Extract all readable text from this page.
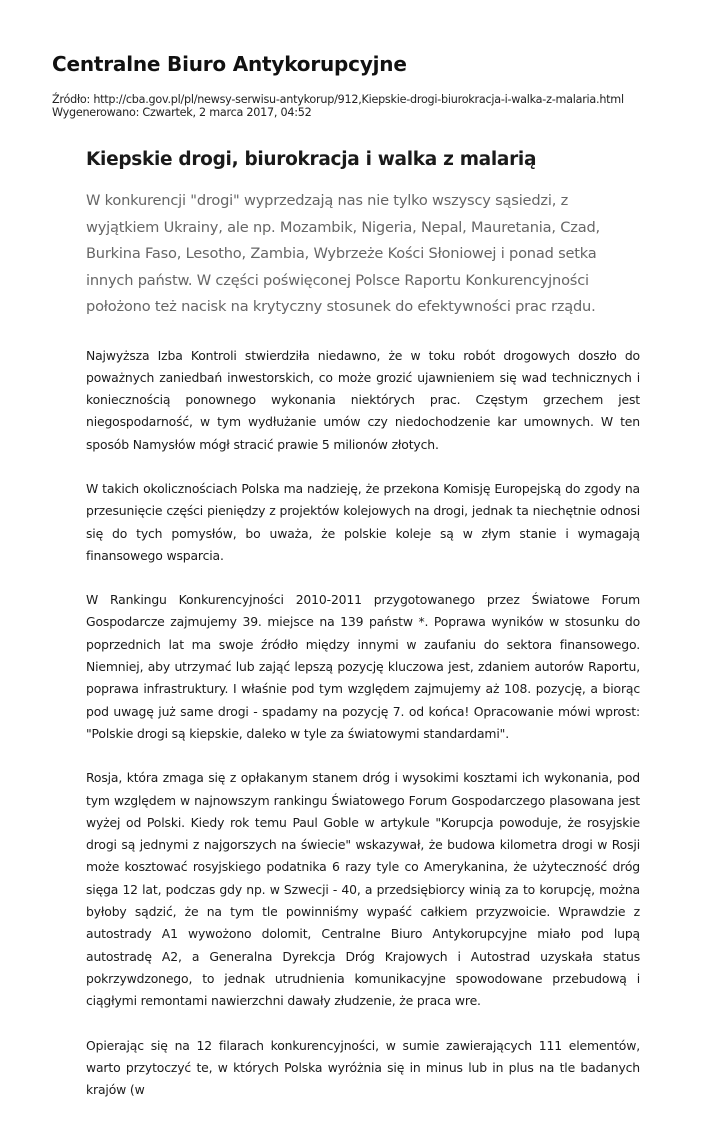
Centralne Biuro Antykorupcyjne
Źródło: http://cba.gov.pl/pl/newsy-serwisu-antykorup/912,Kiepskie-drogi-biurokracja-i-walka-z-malaria.html
Wygenerowano: Czwartek, 2 marca 2017, 04:52
Kiepskie drogi, biurokracja i walka z malarią

W konkurencji "drogi" wyprzedzają nas nie tylko wszyscy sąsiedzi, z wyjątkiem Ukrainy, ale np. Mozambik, Nigeria, Nepal, Mauretania, Czad, Burkina Faso, Lesotho, Zambia, Wybrzeże Kości Słoniowej i ponad setka innych państw. W części poświęconej Polsce Raportu Konkurencyjności położono też nacisk na krytyczny stosunek do efektywności prac rządu.

Najwyższa Izba Kontroli stwierdziła niedawno, że w toku robót drogowych doszło do poważnych zaniedbań inwestorskich, co może grozić ujawnieniem się wad technicznych i koniecznością ponownego wykonania niektórych prac. Częstym grzechem jest niegospodarność, w tym wydłużanie umów czy niedochodzenie kar umownych. W ten sposób Namysłów mógł stracić prawie 5 milionów złotych.

W takich okolicznościach Polska ma nadzieję, że przekona Komisję Europejską do zgody na przesunięcie części pieniędzy z projektów kolejowych na drogi, jednak ta niechętnie odnosi się do tych pomysłów, bo uważa, że polskie koleje są w złym stanie i wymagają finansowego wsparcia.

W Rankingu Konkurencyjności 2010-2011 przygotowanego przez Światowe Forum Gospodarcze zajmujemy 39. miejsce na 139 państw *. Poprawa wyników w stosunku do poprzednich lat ma swoje źródło między innymi w zaufaniu do sektora finansowego. Niemniej, aby utrzymać lub zająć lepszą pozycję kluczowa jest, zdaniem autorów Raportu, poprawa infrastruktury. I właśnie pod tym względem zajmujemy aż 108. pozycję, a biorąc pod uwagę już same drogi - spadamy na pozycję 7. od końca! Opracowanie mówi wprost: "Polskie drogi są kiepskie, daleko w tyle za światowymi standardami".

Rosja, która zmaga się z opłakanym stanem dróg i wysokimi kosztami ich wykonania, pod tym względem w najnowszym rankingu Światowego Forum Gospodarczego plasowana jest wyżej od Polski. Kiedy rok temu Paul Goble w artykule "Korupcja powoduje, że rosyjskie drogi są jednymi z najgorszych na świecie" wskazywał, że budowa kilometra drogi w Rosji może kosztować rosyjskiego podatnika 6 razy tyle co Amerykanina, że użyteczność dróg sięga 12 lat, podczas gdy np. w Szwecji - 40, a przedsiębiorcy winią za to korupcję, można byłoby sądzić, że na tym tle powinniśmy wypaść całkiem przyzwoicie. Wprawdzie z autostrady A1 wywożono dolomit, Centralne Biuro Antykorupcyjne miało pod lupą autostradę A2, a Generalna Dyrekcja Dróg Krajowych i Autostrad uzyskała status pokrzywdzonego, to jednak utrudnienia komunikacyjne spowodowane przebudową i ciągłymi remontami nawierzchni dawały złudzenie, że praca wre.

Opierając się na 12 filarach konkurencyjności, w sumie zawierających 111 elementów, warto przytoczyć te, w których Polska wyróżnia się in minus lub in plus na tle badanych krajów (w
